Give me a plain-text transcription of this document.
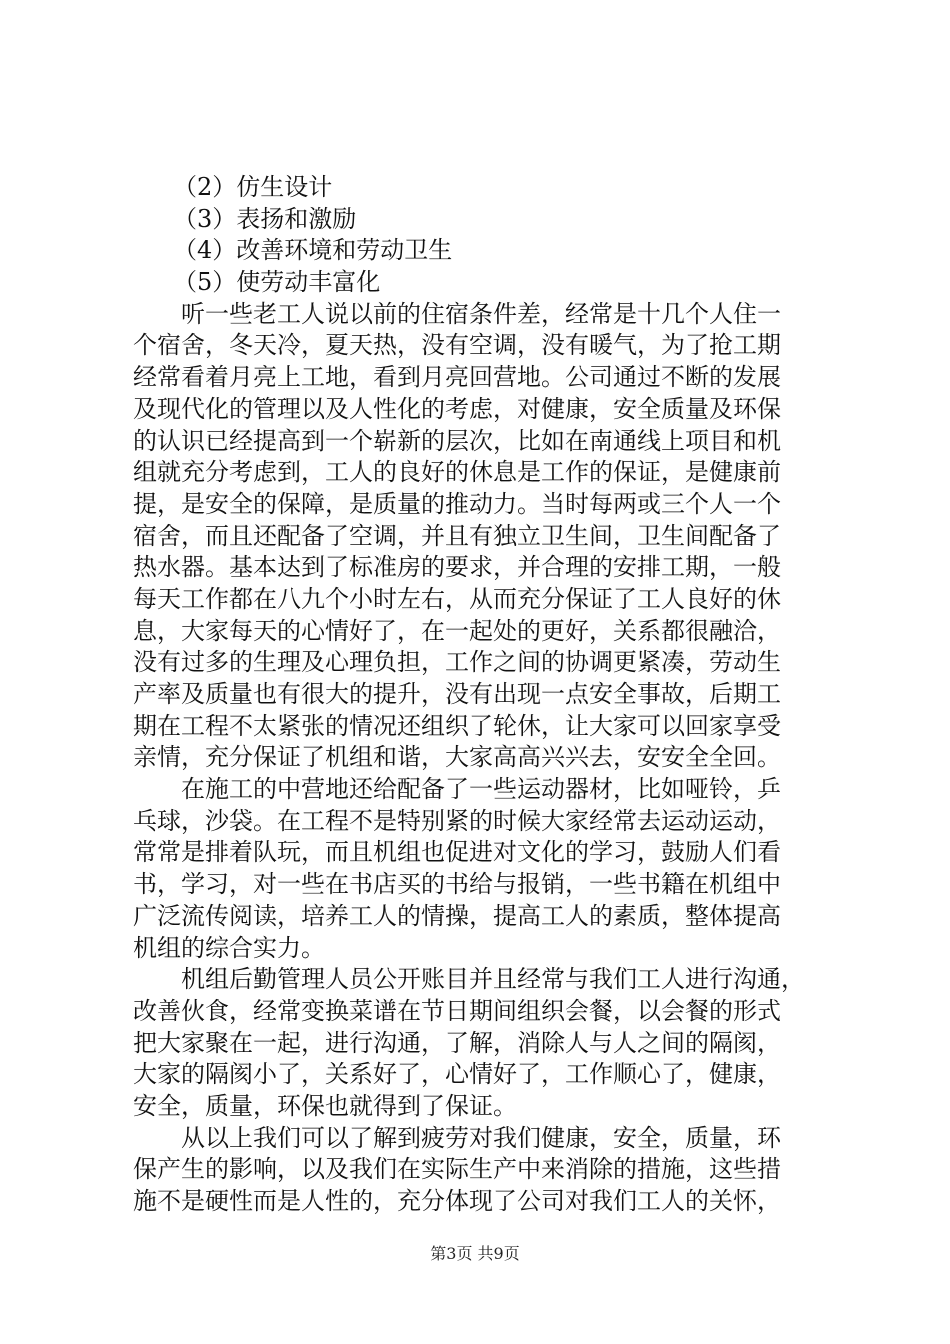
（2）仿生设计
（3）表扬和激励
（4）改善环境和劳动卫生
（5）使劳动丰富化
听一些老工人说以前的住宿条件差，经常是十几个人住一
个宿舍，冬天冷，夏天热，没有空调，没有暖气，为了抢工期
经常看着月亮上工地，看到月亮回营地。公司通过不断的发展
及现代化的管理以及人性化的考虑，对健康，安全质量及环保
的认识已经提高到一个崭新的层次，比如在南通线上项目和机
组就充分考虑到，工人的良好的休息是工作的保证，是健康前
提，是安全的保障，是质量的推动力。当时每两或三个人一个
宿舍，而且还配备了空调，并且有独立卫生间，卫生间配备了
热水器。基本达到了标准房的要求，并合理的安排工期，一般
每天工作都在八九个小时左右，从而充分保证了工人良好的休
息，大家每天的心情好了，在一起处的更好，关系都很融洽，
没有过多的生理及心理负担，工作之间的协调更紧凑，劳动生
产率及质量也有很大的提升，没有出现一点安全事故，后期工
期在工程不太紧张的情况还组织了轮休，让大家可以回家享受
亲情，充分保证了机组和谐，大家高高兴兴去，安安全全回。
在施工的中营地还给配备了一些运动器材，比如哑铃，乒
乓球，沙袋。在工程不是特别紧的时候大家经常去运动运动，
常常是排着队玩，而且机组也促进对文化的学习，鼓励人们看
书，学习，对一些在书店买的书给与报销，一些书籍在机组中
广泛流传阅读，培养工人的情操，提高工人的素质，整体提高
机组的综合实力。
机组后勤管理人员公开账目并且经常与我们工人进行沟通，
改善伙食，经常变换菜谱在节日期间组织会餐，以会餐的形式
把大家聚在一起，进行沟通，了解，消除人与人之间的隔阂，
大家的隔阂小了，关系好了，心情好了，工作顺心了，健康，
安全，质量，环保也就得到了保证。
从以上我们可以了解到疲劳对我们健康，安全，质量，环
保产生的影响，以及我们在实际生产中来消除的措施，这些措
施不是硬性而是人性的，充分体现了公司对我们工人的关怀，
第3页 共9页
